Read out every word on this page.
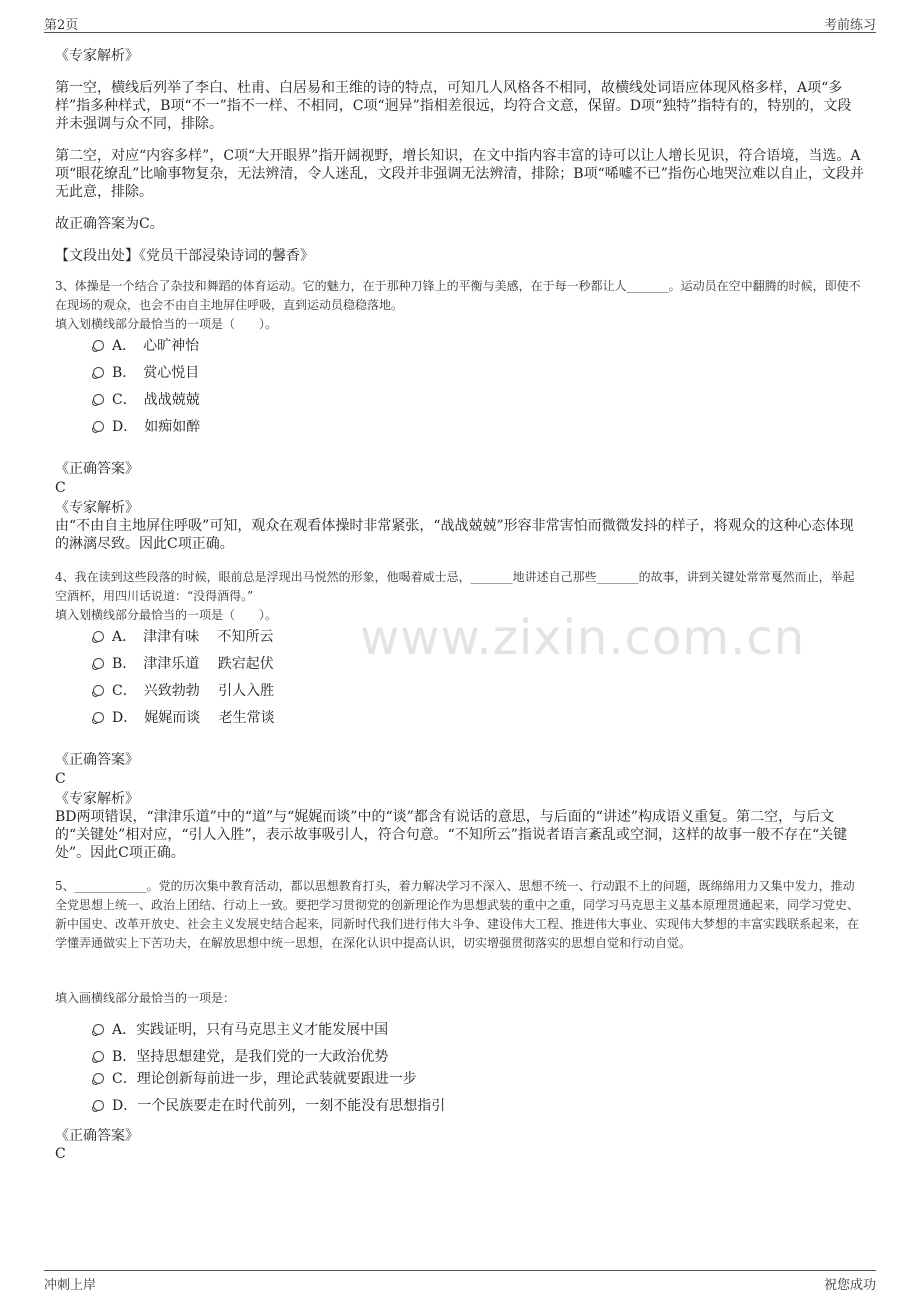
第2页	考前练习
www.zixin.com.cn
《专家解析》
第一空，横线后列举了李白、杜甫、白居易和王维的诗的特点，可知几人风格各不相同，故横线处词语应体现风格多样，A项“多样”指多种样式，B项“不一”指不一样、不相同，C项“迥异”指相差很远，均符合文意，保留。D项“独特”指特有的，特别的，文段并未强调与众不同，排除。
第二空，对应“内容多样”，C项“大开眼界”指开阔视野，增长知识，在文中指内容丰富的诗可以让人增长见识，符合语境，当选。A项“眼花缭乱”比喻事物复杂，无法辨清，令人迷乱，文段并非强调无法辨清，排除；B项“唏嘘不已”指伤心地哭泣难以自止，文段并无此意，排除。
故正确答案为C。
【文段出处】《党员干部浸染诗词的馨香》
3、体操是一个结合了杂技和舞蹈的体育运动。它的魅力，在于那种刀锋上的平衡与美感，在于每一秒都让人_______。运动员在空中翻腾的时候，即使不在现场的观众，也会不由自主地屏住呼吸，直到运动员稳稳落地。
填入划横线部分最恰当的一项是（　　）。
A．　心旷神怡
B．　赏心悦目
C．　战战兢兢
D．　如痴如醉
《正确答案》
C
《专家解析》
由“不由自主地屏住呼吸”可知，观众在观看体操时非常紧张，“战战兢兢”形容非常害怕而微微发抖的样子，将观众的这种心态体现的淋漓尽致。因此C项正确。
4、我在读到这些段落的时候，眼前总是浮现出马悦然的形象，他喝着威士忌，_______地讲述自己那些_______的故事，讲到关键处常常戛然而止，举起空酒杯，用四川话说道：“没得酒得。”
填入划横线部分最恰当的一项是（　　）。
A．　津津有味　 不知所云
B．　津津乐道　 跌宕起伏
C．　兴致勃勃　 引人入胜
D．　娓娓而谈　 老生常谈
《正确答案》
C
《专家解析》
BD两项错误，“津津乐道”中的“道”与“娓娓而谈”中的“谈”都含有说话的意思，与后面的“讲述”构成语义重复。第二空，与后文的“关键处”相对应，“引人入胜”，表示故事吸引人，符合句意。“不知所云”指说者语言紊乱或空洞，这样的故事一般不存在“关键处”。因此C项正确。
5、____________。党的历次集中教育活动，都以思想教育打头，着力解决学习不深入、思想不统一、行动跟不上的问题，既绵绵用力又集中发力，推动全党思想上统一、政治上团结、行动上一致。要把学习贯彻党的创新理论作为思想武装的重中之重，同学习马克思主义基本原理贯通起来，同学习党史、新中国史、改革开放史、社会主义发展史结合起来，同新时代我们进行伟大斗争、建设伟大工程、推进伟大事业、实现伟大梦想的丰富实践联系起来，在学懂弄通做实上下苦功夫，在解放思想中统一思想，在深化认识中提高认识，切实增强贯彻落实的思想自觉和行动自觉。
填入画横线部分最恰当的一项是：
A．实践证明，只有马克思主义才能发展中国
B．坚持思想建党，是我们党的一大政治优势
C．理论创新每前进一步，理论武装就要跟进一步
D．一个民族要走在时代前列，一刻不能没有思想指引
《正确答案》
C
冲刺上岸	祝您成功
